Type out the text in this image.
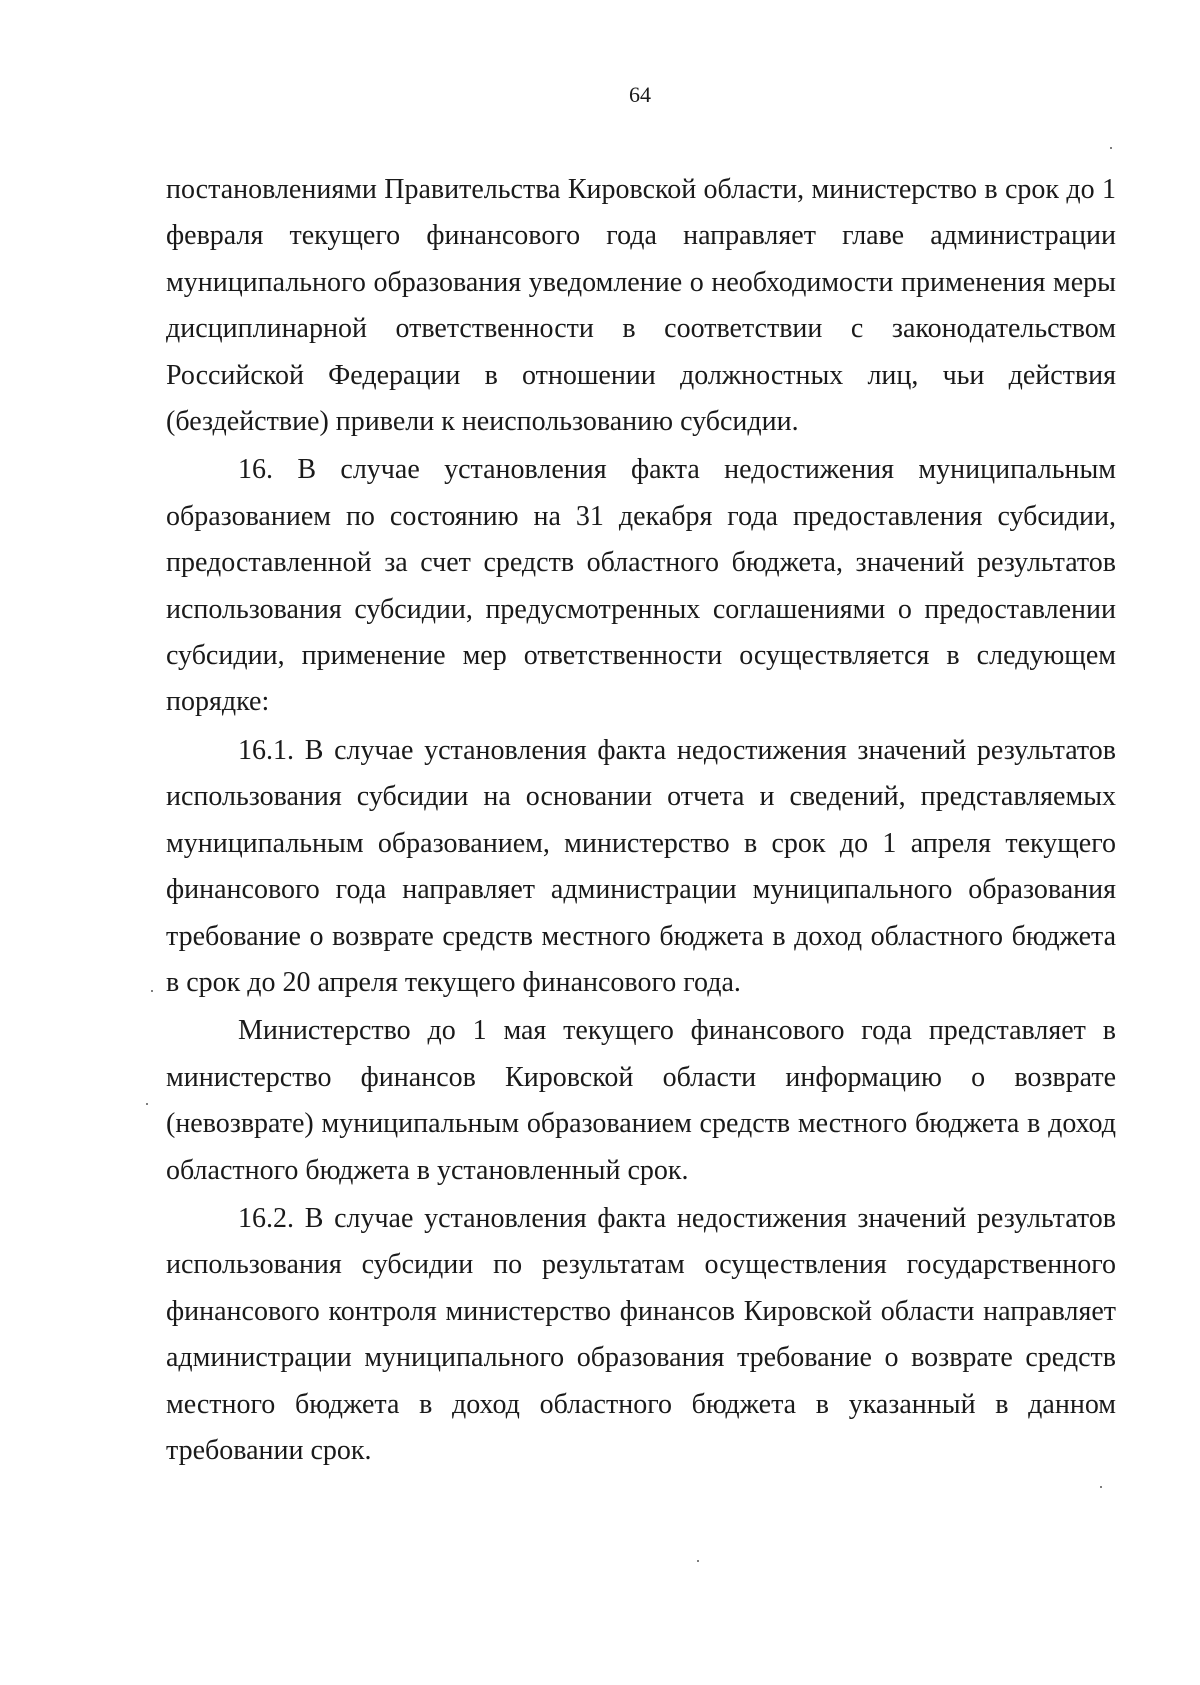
64

постановлениями Правительства Кировской области, министерство в срок до 1 февраля текущего финансового года направляет главе администрации муниципального образования уведомление о необходимости применения меры дисциплинарной ответственности в соответствии с законодательством Российской Федерации в отношении должностных лиц, чьи действия (бездействие) привели к неиспользованию субсидии.

16. В случае установления факта недостижения муниципальным образованием по состоянию на 31 декабря года предоставления субсидии, предоставленной за счет средств областного бюджета, значений результатов использования субсидии, предусмотренных соглашениями о предоставлении субсидии, применение мер ответственности осуществляется в следующем порядке:

16.1. В случае установления факта недостижения значений результатов использования субсидии на основании отчета и сведений, представляемых муниципальным образованием, министерство в срок до 1 апреля текущего финансового года направляет администрации муниципального образования требование о возврате средств местного бюджета в доход областного бюджета в срок до 20 апреля текущего финансового года.

Министерство до 1 мая текущего финансового года представляет в министерство финансов Кировской области информацию о возврате (невозврате) муниципальным образованием средств местного бюджета в доход областного бюджета в установленный срок.

16.2. В случае установления факта недостижения значений результатов использования субсидии по результатам осуществления государственного финансового контроля министерство финансов Кировской области направляет администрации муниципального образования требование о возврате средств местного бюджета в доход областного бюджета в указанный в данном требовании срок.
